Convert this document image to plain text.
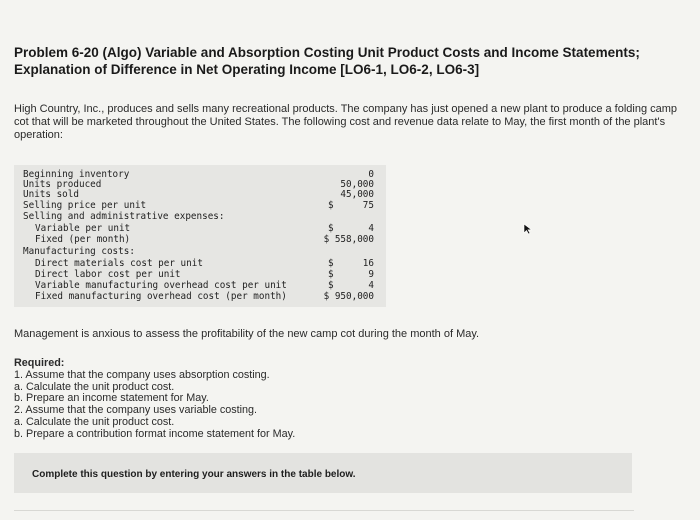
Problem 6-20 (Algo) Variable and Absorption Costing Unit Product Costs and Income Statements; Explanation of Difference in Net Operating Income [LO6-1, LO6-2, LO6-3]
High Country, Inc., produces and sells many recreational products. The company has just opened a new plant to produce a folding camp cot that will be marketed throughout the United States. The following cost and revenue data relate to May, the first month of the plant's operation:
Beginning inventory	0
Units produced	50,000
Units sold	45,000
Selling price per unit	$	75
Selling and administrative expenses:
Variable per unit	$	4
Fixed (per month)	$ 558,000
Manufacturing costs:
Direct materials cost per unit	$	16
Direct labor cost per unit	$	9
Variable manufacturing overhead cost per unit	$	4
Fixed manufacturing overhead cost (per month)	$ 950,000
Management is anxious to assess the profitability of the new camp cot during the month of May.
Required:
1. Assume that the company uses absorption costing.
a. Calculate the unit product cost.
b. Prepare an income statement for May.
2. Assume that the company uses variable costing.
a. Calculate the unit product cost.
b. Prepare a contribution format income statement for May.
Complete this question by entering your answers in the table below.
